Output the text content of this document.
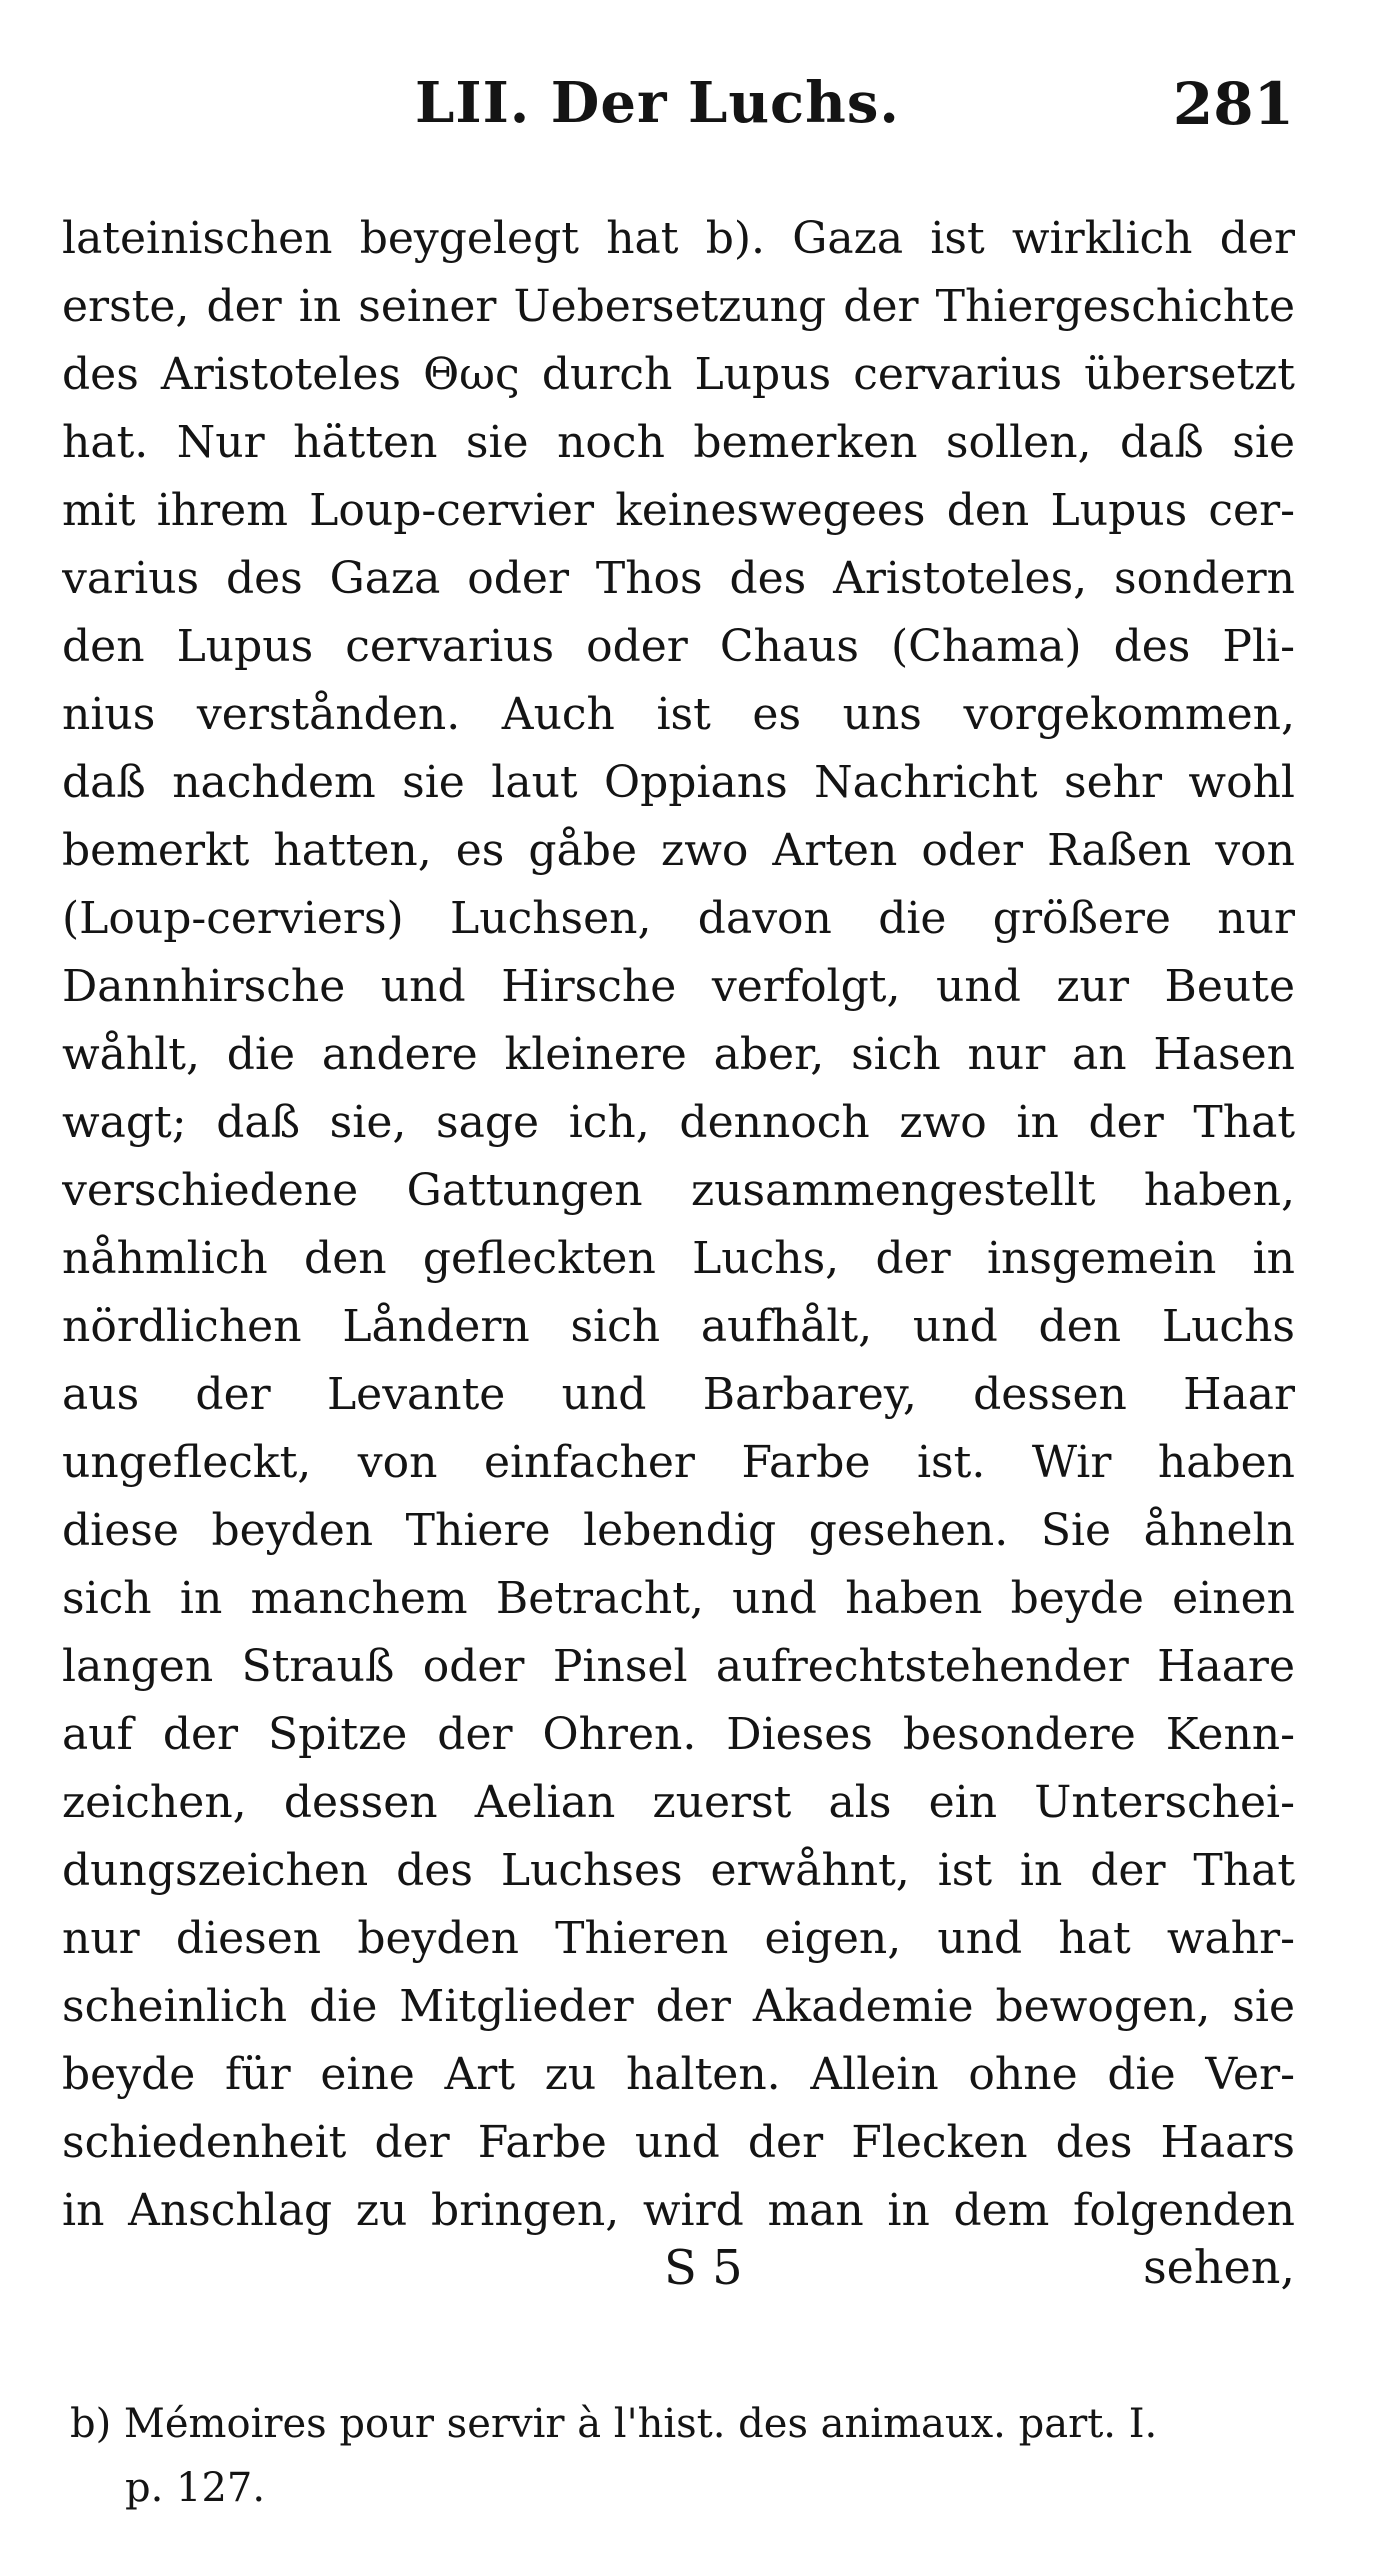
LII. Der Luchs.	281
lateinischen beygelegt hat b). Gaza ist wirklich der
erste, der in seiner Uebersetzung der Thiergeschichte
des Aristoteles Θως durch Lupus cervarius übersetzt
hat. Nur hätten sie noch bemerken sollen, daß sie
mit ihrem Loup-cervier keineswegees den Lupus cer-
varius des Gaza oder Thos des Aristoteles, sondern
den Lupus cervarius oder Chaus (Chama) des Pli-
nius verstånden. Auch ist es uns vorgekommen,
daß nachdem sie laut Oppians Nachricht sehr wohl
bemerkt hatten, es gåbe zwo Arten oder Raßen von
(Loup-cerviers) Luchsen, davon die größere nur
Dannhirsche und Hirsche verfolgt, und zur Beute
wåhlt, die andere kleinere aber, sich nur an Hasen
wagt; daß sie, sage ich, dennoch zwo in der That
verschiedene Gattungen zusammengestellt haben,
nåhmlich den gefleckten Luchs, der insgemein in
nördlichen Låndern sich aufhålt, und den Luchs
aus der Levante und Barbarey, dessen Haar
ungefleckt, von einfacher Farbe ist. Wir haben
diese beyden Thiere lebendig gesehen. Sie åhneln
sich in manchem Betracht, und haben beyde einen
langen Strauß oder Pinsel aufrechtstehender Haare
auf der Spitze der Ohren. Dieses besondere Kenn-
zeichen, dessen Aelian zuerst als ein Unterschei-
dungszeichen des Luchses erwåhnt, ist in der That
nur diesen beyden Thieren eigen, und hat wahr-
scheinlich die Mitglieder der Akademie bewogen, sie
beyde für eine Art zu halten. Allein ohne die Ver-
schiedenheit der Farbe und der Flecken des Haars
in Anschlag zu bringen, wird man in dem folgenden
S 5	sehen,
b) Mémoires pour servir à l'hist. des animaux. part. I.
p. 127.
